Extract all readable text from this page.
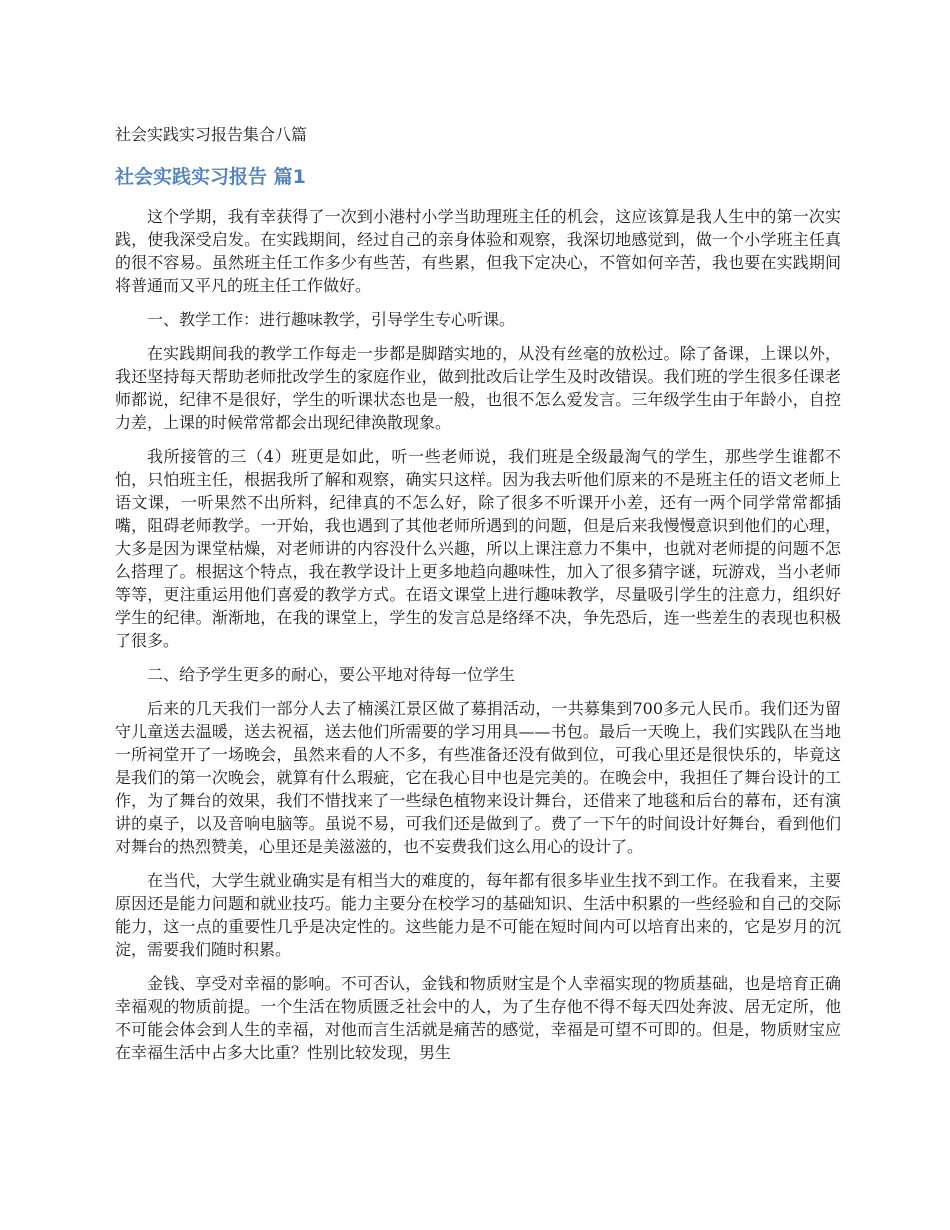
社会实践实习报告集合八篇
社会实践实习报告 篇1

这个学期，我有幸获得了一次到小港村小学当助理班主任的机会，这应该算是我人生中的第一次实践，使我深受启发。在实践期间，经过自己的亲身体验和观察，我深切地感觉到，做一个小学班主任真的很不容易。虽然班主任工作多少有些苦，有些累，但我下定决心，不管如何辛苦，我也要在实践期间将普通而又平凡的班主任工作做好。

一、教学工作：进行趣味教学，引导学生专心听课。

在实践期间我的教学工作每走一步都是脚踏实地的，从没有丝毫的放松过。除了备课，上课以外，我还坚持每天帮助老师批改学生的家庭作业，做到批改后让学生及时改错误。我们班的学生很多任课老师都说，纪律不是很好，学生的听课状态也是一般，也很不怎么爱发言。三年级学生由于年龄小，自控力差，上课的时候常常都会出现纪律涣散现象。

我所接管的三（4）班更是如此，听一些老师说，我们班是全级最淘气的学生，那些学生谁都不怕，只怕班主任，根据我所了解和观察，确实只这样。因为我去听他们原来的不是班主任的语文老师上语文课，一听果然不出所料，纪律真的不怎么好，除了很多不听课开小差，还有一两个同学常常都插嘴，阻碍老师教学。一开始，我也遇到了其他老师所遇到的问题，但是后来我慢慢意识到他们的心理，大多是因为课堂枯燥，对老师讲的内容没什么兴趣，所以上课注意力不集中，也就对老师提的问题不怎么搭理了。根据这个特点，我在教学设计上更多地趋向趣味性，加入了很多猜字谜，玩游戏，当小老师等等，更注重运用他们喜爱的教学方式。在语文课堂上进行趣味教学，尽量吸引学生的注意力，组织好学生的纪律。渐渐地，在我的课堂上，学生的发言总是络绎不决，争先恐后，连一些差生的表现也积极了很多。

二、给予学生更多的耐心，要公平地对待每一位学生

后来的几天我们一部分人去了楠溪江景区做了募捐活动，一共募集到700多元人民币。我们还为留守儿童送去温暖，送去祝福，送去他们所需要的学习用具——书包。最后一天晚上，我们实践队在当地一所祠堂开了一场晚会，虽然来看的人不多，有些准备还没有做到位，可我心里还是很快乐的，毕竟这是我们的第一次晚会，就算有什么瑕疵，它在我心目中也是完美的。在晚会中，我担任了舞台设计的工作，为了舞台的效果，我们不惜找来了一些绿色植物来设计舞台，还借来了地毯和后台的幕布，还有演讲的桌子，以及音响电脑等。虽说不易，可我们还是做到了。费了一下午的时间设计好舞台，看到他们对舞台的热烈赞美，心里还是美滋滋的，也不妄费我们这么用心的设计了。

在当代，大学生就业确实是有相当大的难度的，每年都有很多毕业生找不到工作。在我看来，主要原因还是能力问题和就业技巧。能力主要分在校学习的基础知识、生活中积累的一些经验和自己的交际能力，这一点的重要性几乎是决定性的。这些能力是不可能在短时间内可以培育出来的，它是岁月的沉淀，需要我们随时积累。

金钱、享受对幸福的影响。不可否认，金钱和物质财宝是个人幸福实现的物质基础，也是培育正确幸福观的物质前提。一个生活在物质匮乏社会中的人，为了生存他不得不每天四处奔波、居无定所，他不可能会体会到人生的幸福，对他而言生活就是痛苦的感觉，幸福是可望不可即的。但是，物质财宝应在幸福生活中占多大比重？性别比较发现，男生
